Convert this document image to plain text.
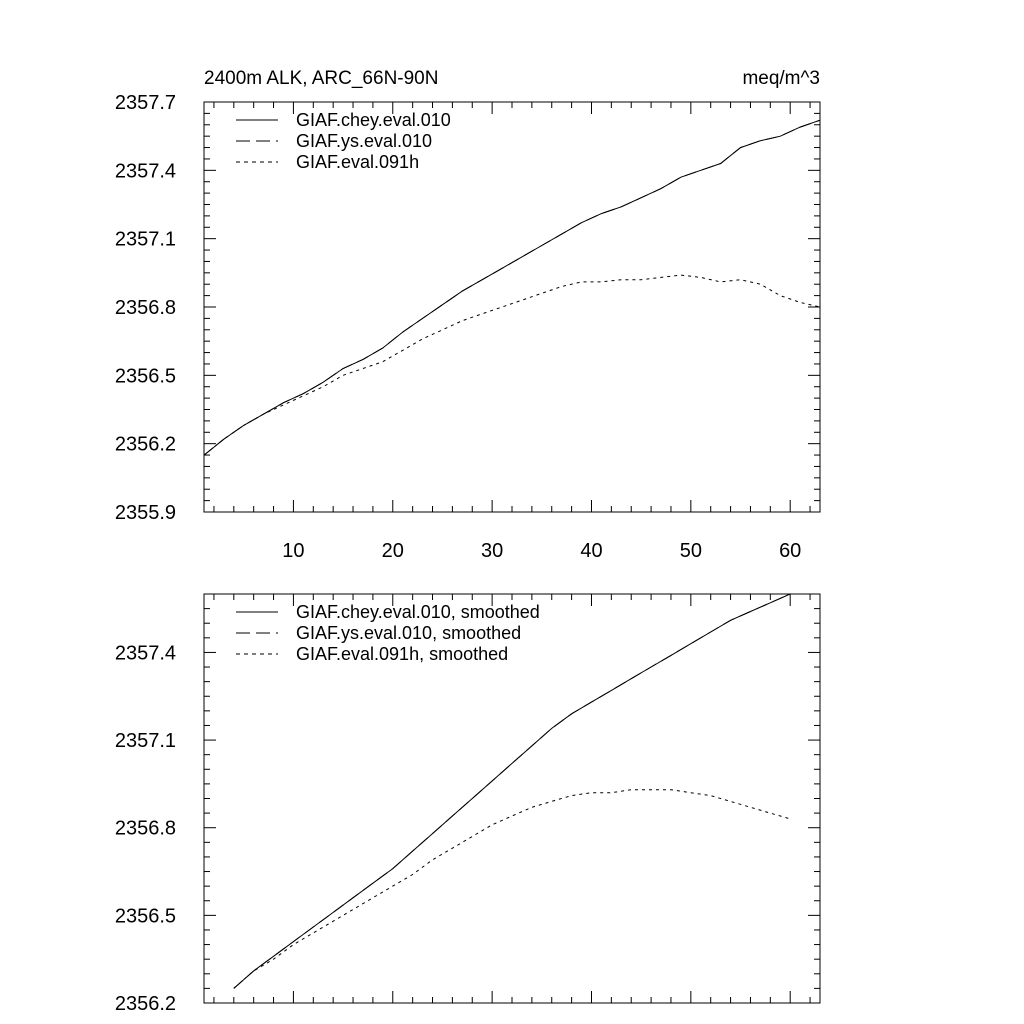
2400m ALK, ARC_66N-90N	meq/m^3
10	20	30	40	50	60
2355.9
2356.2
2356.5
2356.8
2357.1
2357.4
2357.7
GIAF.chey.eval.010
GIAF.ys.eval.010
GIAF.eval.091h
2356.2
2356.5
2356.8
2357.1
2357.4
GIAF.chey.eval.010, smoothed
GIAF.ys.eval.010, smoothed
GIAF.eval.091h, smoothed
